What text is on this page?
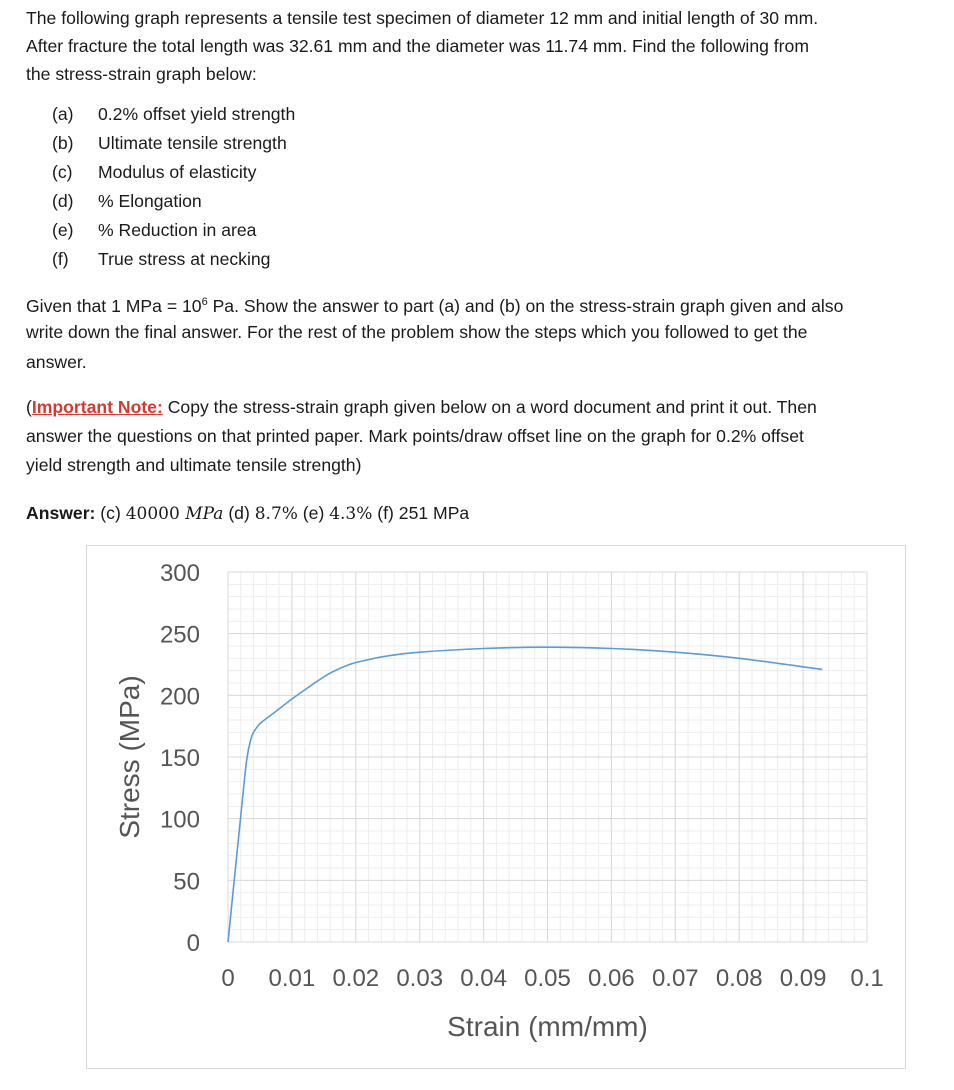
The following graph represents a tensile test specimen of diameter 12 mm and initial length of 30 mm.

After fracture the total length was 32.61 mm and the diameter was 11.74 mm. Find the following from

the stress-strain graph below:

(a) 0.2% offset yield strength
(b) Ultimate tensile strength
(c) Modulus of elasticity
(d) % Elongation
(e) % Reduction in area
(f) True stress at necking

Given that 1 MPa = $10^6$ Pa. Show the answer to part (a) and (b) on the stress-strain graph given and also

write down the final answer. For the rest of the problem show the steps which you followed to get the

answer.

(Important Note: Copy the stress-strain graph given below on a word document and print it out. Then

answer the questions on that printed paper. Mark points/draw offset line on the graph for 0.2% offset

yield strength and ultimate tensile strength)

Answer: (c) 40000 MPa (d) 8.7% (e) 4.3% (f) 251 MPa

0 0.01 0.02 0.03 0.04 0.05 0.06 0.07 0.08 0.09 0.1
0
50
100
150
200
250
300
Stress (MPa)
Strain (mm/mm)
